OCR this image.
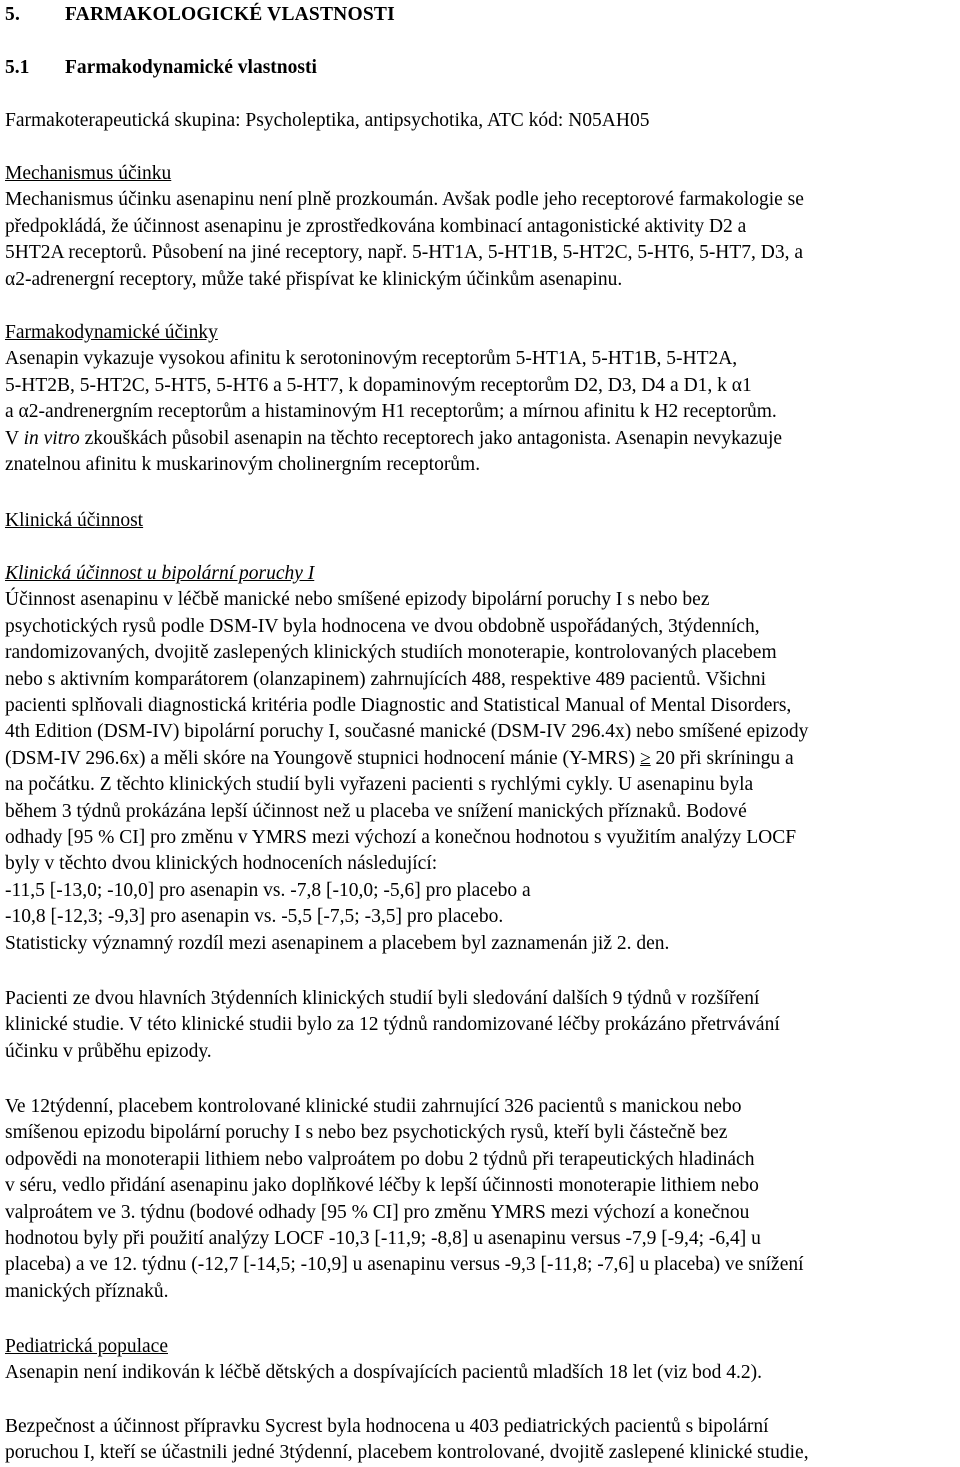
5. FARMAKOLOGICKÉ VLASTNOSTI
5.1 Farmakodynamické vlastnosti
Farmakoterapeutická skupina: Psycholeptika, antipsychotika, ATC kód: N05AH05
Mechanismus účinku
Mechanismus účinku asenapinu není plně prozkoumán. Avšak podle jeho receptorové farmakologie se
předpokládá, že účinnost asenapinu je zprostředkována kombinací antagonistické aktivity D2 a
5HT2A receptorů. Působení na jiné receptory, např. 5-HT1A, 5-HT1B, 5-HT2C, 5-HT6, 5-HT7, D3, a
α2-adrenergní receptory, může také přispívat ke klinickým účinkům asenapinu.
Farmakodynamické účinky
Asenapin vykazuje vysokou afinitu k serotoninovým receptorům 5-HT1A, 5-HT1B, 5-HT2A,
5-HT2B, 5-HT2C, 5-HT5, 5-HT6 a 5-HT7, k dopaminovým receptorům D2, D3, D4 a D1, k α1
a α2-andrenergním receptorům a histaminovým H1 receptorům; a mírnou afinitu k H2 receptorům.
V in vitro zkouškách působil asenapin na těchto receptorech jako antagonista. Asenapin nevykazuje
znatelnou afinitu k muskarinovým cholinergním receptorům.
Klinická účinnost
Klinická účinnost u bipolární poruchy I
Účinnost asenapinu v léčbě manické nebo smíšené epizody bipolární poruchy I s nebo bez
psychotických rysů podle DSM-IV byla hodnocena ve dvou obdobně uspořádaných, 3týdenních,
randomizovaných, dvojitě zaslepených klinických studiích monoterapie, kontrolovaných placebem
nebo s aktivním komparátorem (olanzapinem) zahrnujících 488, respektive 489 pacientů. Všichni
pacienti splňovali diagnostická kritéria podle Diagnostic and Statistical Manual of Mental Disorders,
4th Edition (DSM-IV) bipolární poruchy I, současné manické (DSM-IV 296.4x) nebo smíšené epizody
(DSM-IV 296.6x) a měli skóre na Youngově stupnici hodnocení mánie (Y-MRS) ≥ 20 při skríningu a
na počátku. Z těchto klinických studií byli vyřazeni pacienti s rychlými cykly. U asenapinu byla
během 3 týdnů prokázána lepší účinnost než u placeba ve snížení manických příznaků. Bodové
odhady [95 % CI] pro změnu v YMRS mezi výchozí a konečnou hodnotou s využitím analýzy LOCF
byly v těchto dvou klinických hodnoceních následující:
-11,5 [-13,0; -10,0] pro asenapin vs. -7,8 [-10,0; -5,6] pro placebo a
-10,8 [-12,3; -9,3] pro asenapin vs. -5,5 [-7,5; -3,5] pro placebo.
Statisticky významný rozdíl mezi asenapinem a placebem byl zaznamenán již 2. den.
Pacienti ze dvou hlavních 3týdenních klinických studií byli sledování dalších 9 týdnů v rozšíření
klinické studie. V této klinické studii bylo za 12 týdnů randomizované léčby prokázáno přetrvávání
účinku v průběhu epizody.
Ve 12týdenní, placebem kontrolované klinické studii zahrnující 326 pacientů s manickou nebo
smíšenou epizodu bipolární poruchy I s nebo bez psychotických rysů, kteří byli částečně bez
odpovědi na monoterapii lithiem nebo valproátem po dobu 2 týdnů při terapeutických hladinách
v séru, vedlo přidání asenapinu jako doplňkové léčby k lepší účinnosti monoterapie lithiem nebo
valproátem ve 3. týdnu (bodové odhady [95 % CI] pro změnu YMRS mezi výchozí a konečnou
hodnotou byly při použití analýzy LOCF -10,3 [-11,9; -8,8] u asenapinu versus -7,9 [-9,4; -6,4] u
placeba) a ve 12. týdnu (-12,7 [-14,5; -10,9] u asenapinu versus -9,3 [-11,8; -7,6] u placeba) ve snížení
manických příznaků.
Pediatrická populace
Asenapin není indikován k léčbě dětských a dospívajících pacientů mladších 18 let (viz bod 4.2).
Bezpečnost a účinnost přípravku Sycrest byla hodnocena u 403 pediatrických pacientů s bipolární
poruchou I, kteří se účastnili jedné 3týdenní, placebem kontrolované, dvojitě zaslepené klinické studie,
